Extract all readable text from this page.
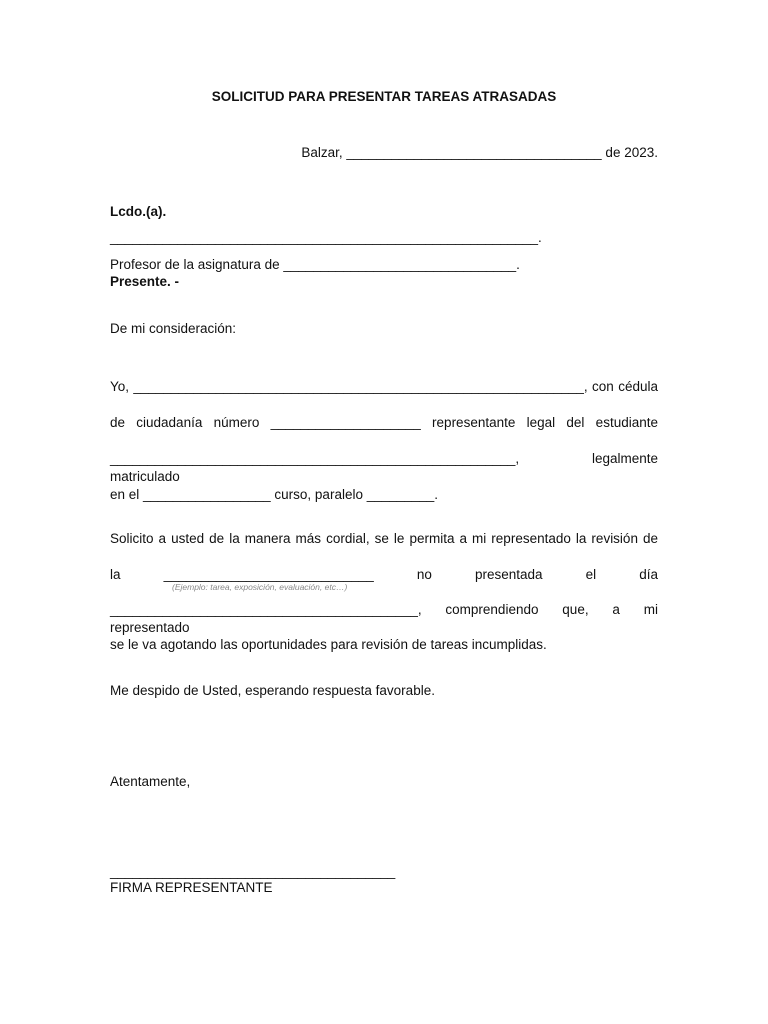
SOLICITUD PARA PRESENTAR TAREAS ATRASADAS
Balzar, __________________________________ de 2023.
Lcdo.(a).
_________________________________________________________.
Profesor de la asignatura de _______________________________.
Presente. -
De mi consideración:
Yo, ____________________________________________________________, con cédula
de ciudadanía número ____________________ representante legal del estudiante
______________________________________________________, legalmente matriculado
en el _________________ curso, paralelo _________.
Solicito a usted de la manera más cordial, se le permita a mi representado la revisión de
la ____________________________ no presentada el día
(Ejemplo: tarea, exposición, evaluación, etc…)
_________________________________________, comprendiendo que, a mi representado
se le va agotando las oportunidades para revisión de tareas incumplidas.
Me despido de Usted, esperando respuesta favorable.
Atentamente,
______________________________________
FIRMA REPRESENTANTE
